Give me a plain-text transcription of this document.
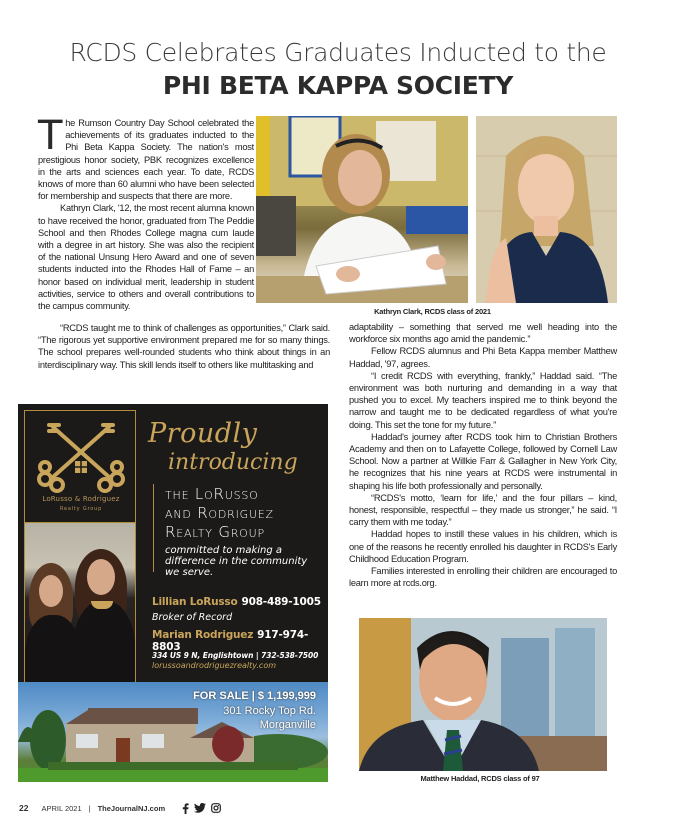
RCDS Celebrates Graduates Inducted to the
PHI BETA KAPPA SOCIETY

The Rumson Country Day School celebrated the achievements of its graduates inducted to the Phi Beta Kappa Society. The nation's most prestigious honor society, PBK recognizes excellence in the arts and sciences each year. To date, RCDS knows of more than 60 alumni who have been selected for membership and suspects that there are more.

Kathryn Clark, '12, the most recent alumna known to have received the honor, graduated from The Peddie School and then Rhodes College magna cum laude with a degree in art history. She was also the recipient of the national Unsung Hero Award and one of seven students inducted into the Rhodes Hall of Fame – an honor based on individual merit, leadership in student activities, service to others and overall contributions to the campus community.

“RCDS taught me to think of challenges as opportunities,” Clark said. “The rigorous yet supportive environment prepared me for so many things. The school prepares well-rounded students who think about things in an interdisciplinary way. This skill lends itself to others like multitasking and

adaptability – something that served me well heading into the workforce six months ago amid the pandemic.”

Fellow RCDS alumnus and Phi Beta Kappa member Matthew Haddad, '97, agrees.

“I credit RCDS with everything, frankly,” Haddad said. “The environment was both nurturing and demanding in a way that pushed you to excel. My teachers inspired me to think beyond the narrow and taught me to be dedicated regardless of what you're doing. This set the tone for my future.”

Haddad's journey after RCDS took him to Christian Brothers Academy and then on to Lafayette College, followed by Cornell Law School. Now a partner at Willkie Farr & Gallagher in New York City, he recognizes that his nine years at RCDS were instrumental in shaping his life both professionally and personally.

“RCDS's motto, ‘learn for life,’ and the four pillars – kind, honest, responsible, respectful – they made us stronger,” he said. “I carry them with me today.”

Haddad hopes to instill these values in his children, which is one of the reasons he recently enrolled his daughter in RCDS's Early Childhood Education Program.

Families interested in enrolling their children are encouraged to learn more at rcds.org.

Kathryn Clark, RCDS class of 2021
Matthew Haddad, RCDS class of 97
LoRusso & Rodriguez
Realty Group
Proudly
introducing
the LoRusso
and Rodriguez
Realty Group
committed to making a difference in the community we serve.
Lillian LoRusso 908-489-1005
Broker of Record
Marian Rodriguez 917-974-8803
334 US 9 N, Englishtown | 732-538-7500
lorussoandrodriguezrealty.com
FOR SALE | $ 1,199,999
301 Rocky Top Rd.
Morganville
22 APRIL 2021 | TheJournalNJ.com
